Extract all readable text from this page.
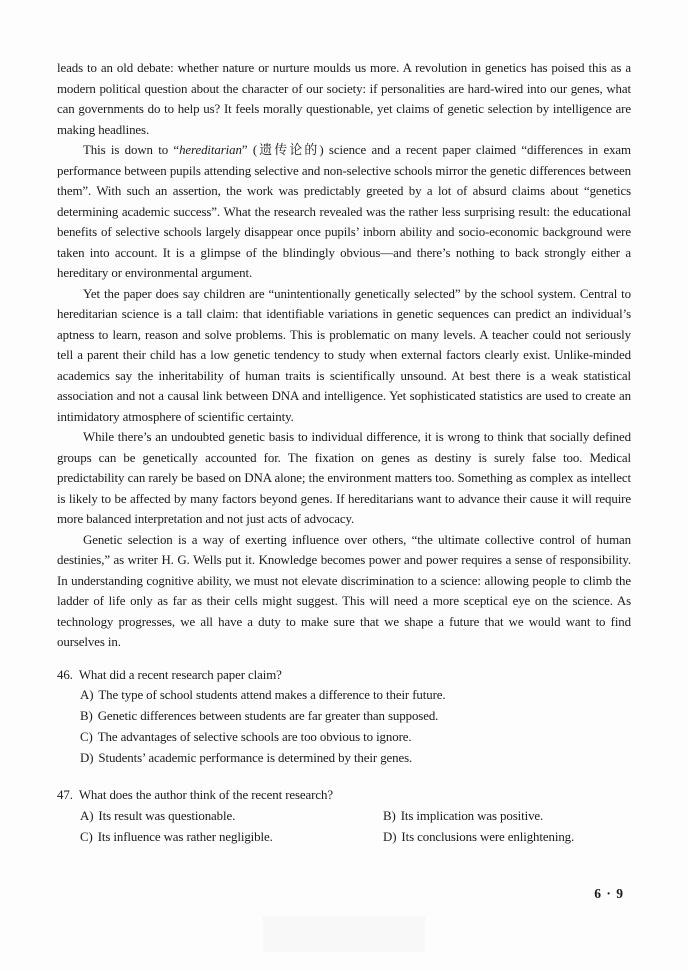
leads to an old debate: whether nature or nurture moulds us more. A revolution in genetics has poised this as a modern political question about the character of our society: if personalities are hard-wired into our genes, what can governments do to help us? It feels morally questionable, yet claims of genetic selection by intelligence are making headlines.

This is down to “hereditarian” (遗传论的) science and a recent paper claimed “differences in exam performance between pupils attending selective and non-selective schools mirror the genetic differences between them”. With such an assertion, the work was predictably greeted by a lot of absurd claims about “genetics determining academic success”. What the research revealed was the rather less surprising result: the educational benefits of selective schools largely disappear once pupils’ inborn ability and socio-economic background were taken into account. It is a glimpse of the blindingly obvious—and there’s nothing to back strongly either a hereditary or environmental argument.

Yet the paper does say children are “unintentionally genetically selected” by the school system. Central to hereditarian science is a tall claim: that identifiable variations in genetic sequences can predict an individual’s aptness to learn, reason and solve problems. This is problematic on many levels. A teacher could not seriously tell a parent their child has a low genetic tendency to study when external factors clearly exist. Unlike-minded academics say the inheritability of human traits is scientifically unsound. At best there is a weak statistical association and not a causal link between DNA and intelligence. Yet sophisticated statistics are used to create an intimidatory atmosphere of scientific certainty.

While there’s an undoubted genetic basis to individual difference, it is wrong to think that socially defined groups can be genetically accounted for. The fixation on genes as destiny is surely false too. Medical predictability can rarely be based on DNA alone; the environment matters too. Something as complex as intellect is likely to be affected by many factors beyond genes. If hereditarians want to advance their cause it will require more balanced interpretation and not just acts of advocacy.

Genetic selection is a way of exerting influence over others, “the ultimate collective control of human destinies,” as writer H. G. Wells put it. Knowledge becomes power and power requires a sense of responsibility. In understanding cognitive ability, we must not elevate discrimination to a science: allowing people to climb the ladder of life only as far as their cells might suggest. This will need a more sceptical eye on the science. As technology progresses, we all have a duty to make sure that we shape a future that we would want to find ourselves in.

46. What did a recent research paper claim?
A) The type of school students attend makes a difference to their future.
B) Genetic differences between students are far greater than supposed.
C) The advantages of selective schools are too obvious to ignore.
D) Students’ academic performance is determined by their genes.
47. What does the author think of the recent research?
A) Its result was questionable.	B) Its implication was positive.
C) Its influence was rather negligible.	D) Its conclusions were enlightening.
6 · 9
